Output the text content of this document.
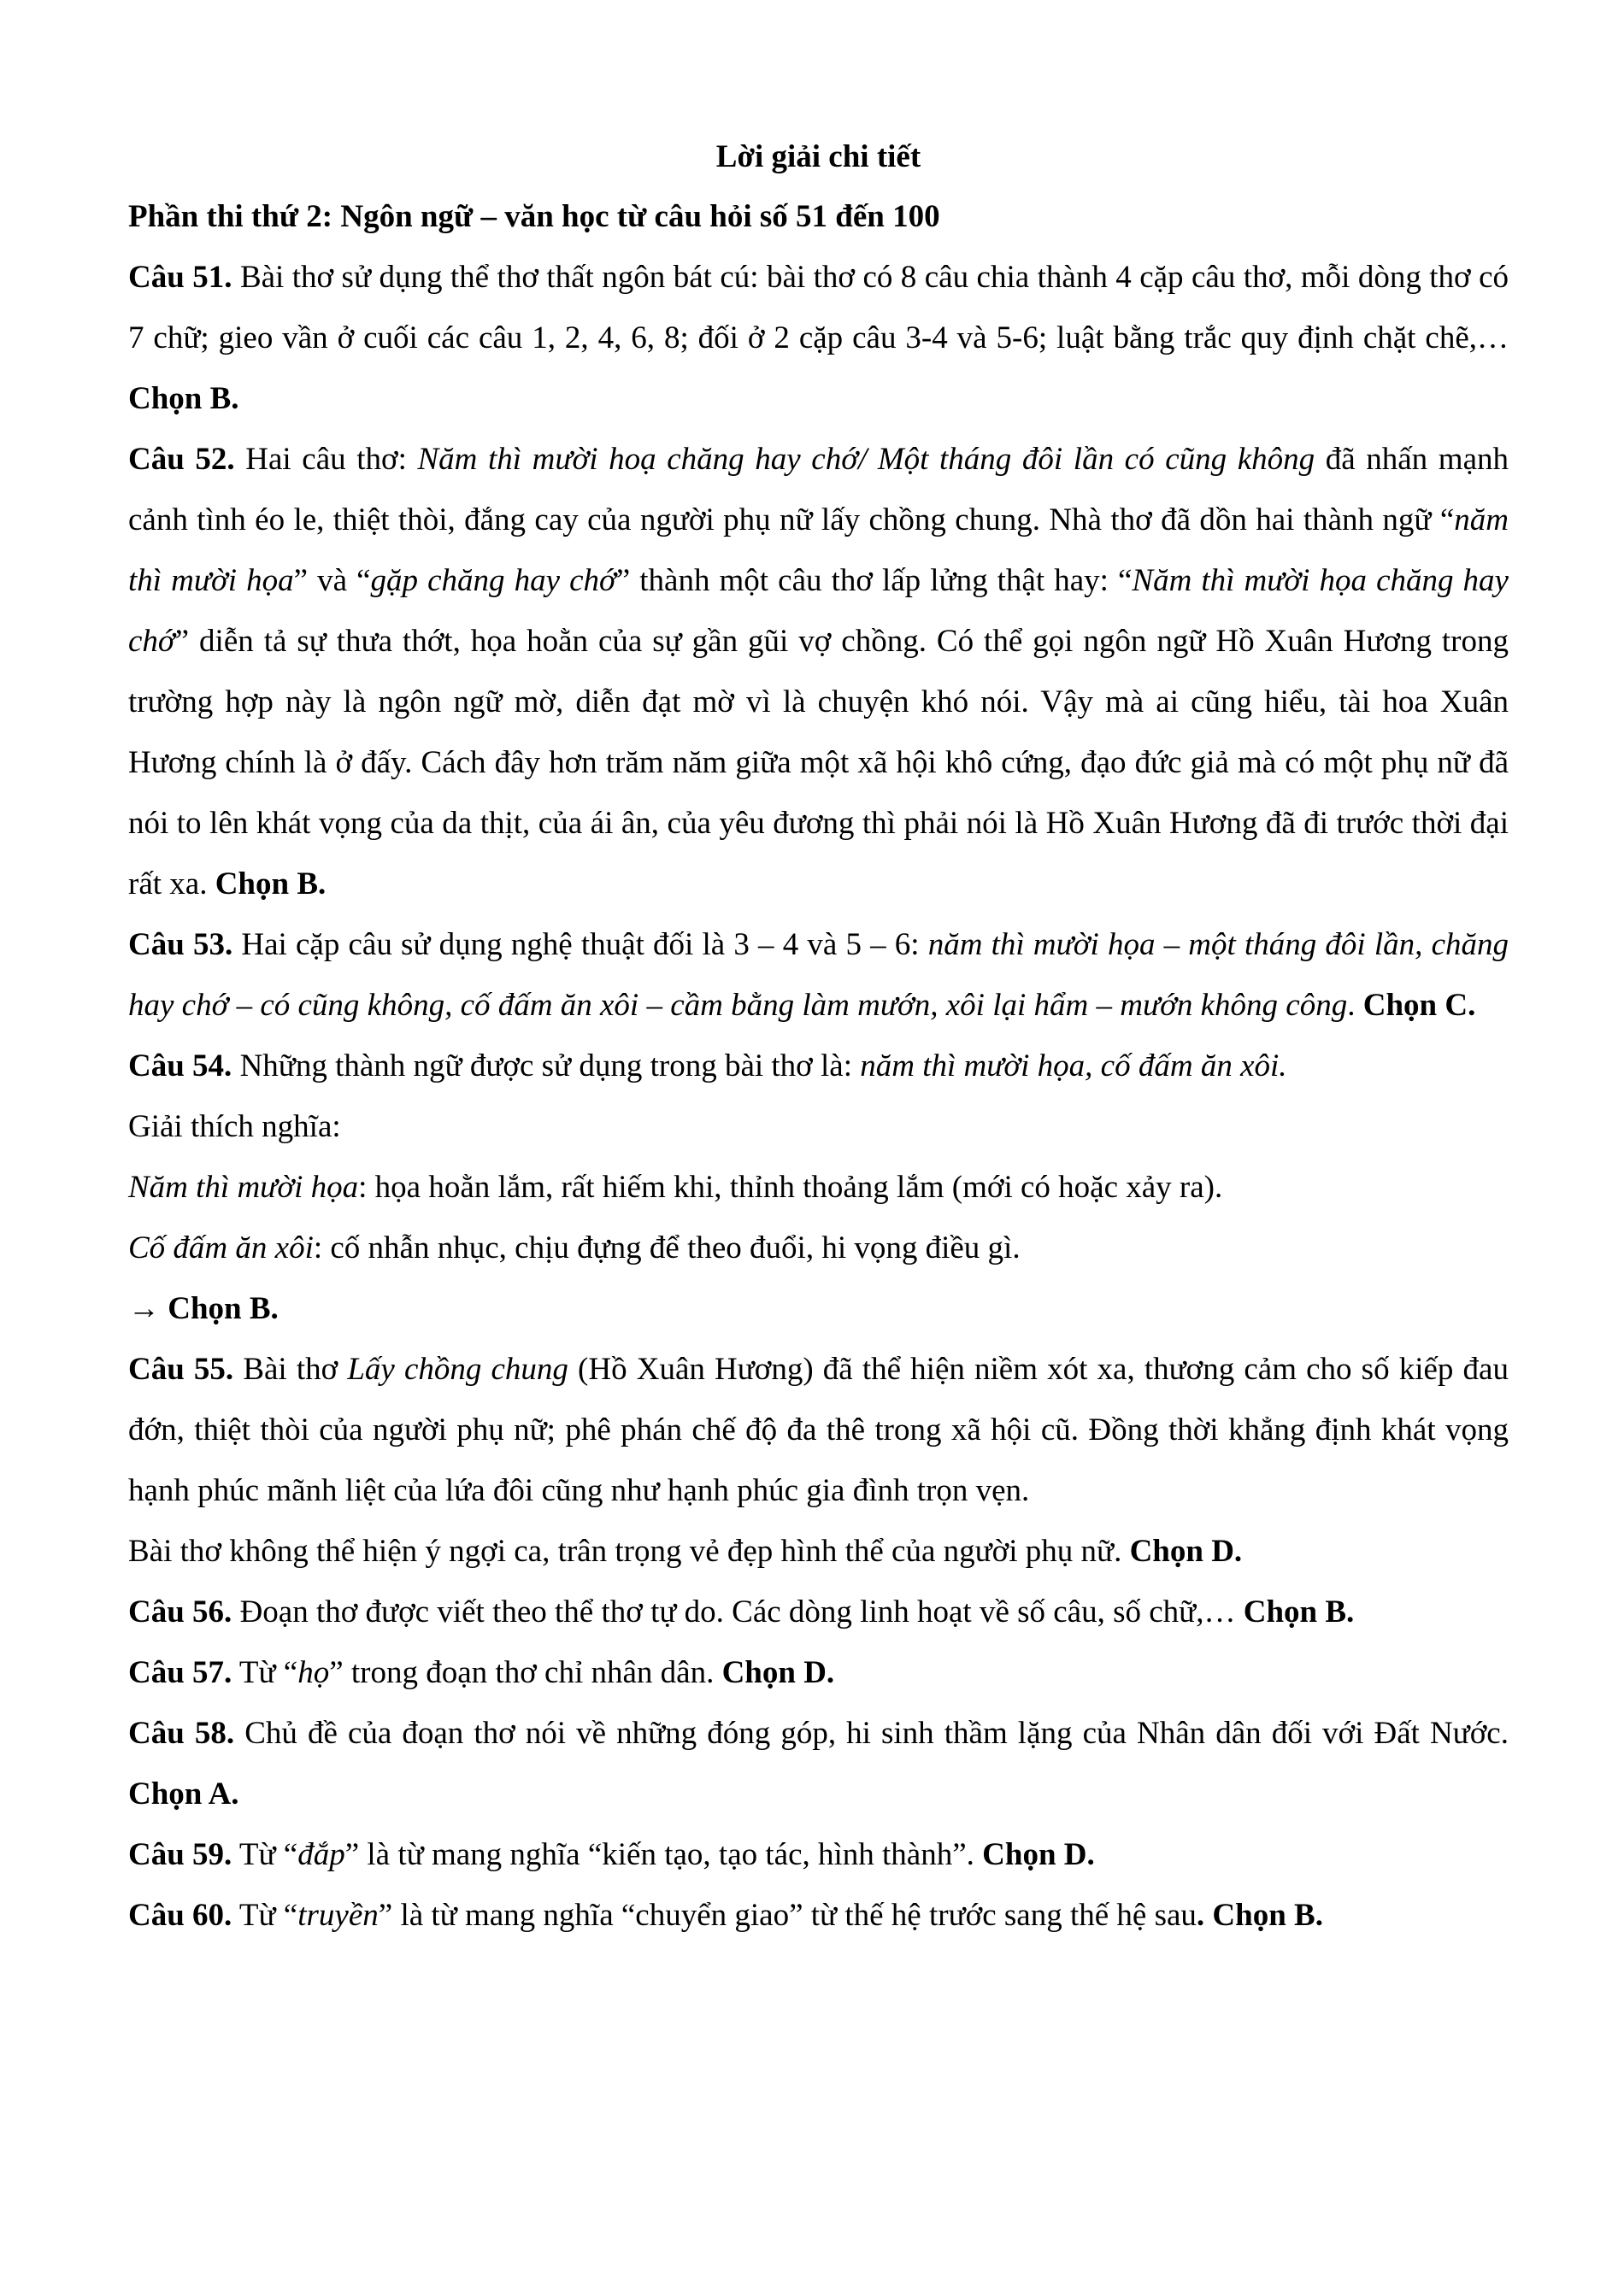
Lời giải chi tiết

Phần thi thứ 2: Ngôn ngữ – văn học từ câu hỏi số 51 đến 100

Câu 51. Bài thơ sử dụng thể thơ thất ngôn bát cú: bài thơ có 8 câu chia thành 4 cặp câu thơ, mỗi dòng thơ có 7 chữ; gieo vần ở cuối các câu 1, 2, 4, 6, 8; đối ở 2 cặp câu 3-4 và 5-6; luật bằng trắc quy định chặt chẽ,… Chọn B.

Câu 52. Hai câu thơ: Năm thì mười hoạ chăng hay chớ/ Một tháng đôi lần có cũng không đã nhấn mạnh cảnh tình éo le, thiệt thòi, đắng cay của người phụ nữ lấy chồng chung. Nhà thơ đã dồn hai thành ngữ “năm thì mười họa” và “gặp chăng hay chớ” thành một câu thơ lấp lửng thật hay: “Năm thì mười họa chăng hay chớ” diễn tả sự thưa thớt, họa hoằn của sự gần gũi vợ chồng. Có thể gọi ngôn ngữ Hồ Xuân Hương trong trường hợp này là ngôn ngữ mờ, diễn đạt mờ vì là chuyện khó nói. Vậy mà ai cũng hiểu, tài hoa Xuân Hương chính là ở đấy. Cách đây hơn trăm năm giữa một xã hội khô cứng, đạo đức giả mà có một phụ nữ đã nói to lên khát vọng của da thịt, của ái ân, của yêu đương thì phải nói là Hồ Xuân Hương đã đi trước thời đại rất xa. Chọn B.

Câu 53. Hai cặp câu sử dụng nghệ thuật đối là 3 – 4 và 5 – 6: năm thì mười họa – một tháng đôi lần, chăng hay chớ – có cũng không, cố đấm ăn xôi – cầm bằng làm mướn, xôi lại hẩm – mướn không công. Chọn C.

Câu 54. Những thành ngữ được sử dụng trong bài thơ là: năm thì mười họa, cố đấm ăn xôi.

Giải thích nghĩa:

Năm thì mười họa: họa hoằn lắm, rất hiếm khi, thỉnh thoảng lắm (mới có hoặc xảy ra).

Cố đấm ăn xôi: cố nhẫn nhục, chịu đựng để theo đuổi, hi vọng điều gì.

→ Chọn B.

Câu 55. Bài thơ Lấy chồng chung (Hồ Xuân Hương) đã thể hiện niềm xót xa, thương cảm cho số kiếp đau đớn, thiệt thòi của người phụ nữ; phê phán chế độ đa thê trong xã hội cũ. Đồng thời khẳng định khát vọng hạnh phúc mãnh liệt của lứa đôi cũng như hạnh phúc gia đình trọn vẹn.

Bài thơ không thể hiện ý ngợi ca, trân trọng vẻ đẹp hình thể của người phụ nữ. Chọn D.

Câu 56. Đoạn thơ được viết theo thể thơ tự do. Các dòng linh hoạt về số câu, số chữ,… Chọn B.

Câu 57. Từ “họ” trong đoạn thơ chỉ nhân dân. Chọn D.

Câu 58. Chủ đề của đoạn thơ nói về những đóng góp, hi sinh thầm lặng của Nhân dân đối với Đất Nước. Chọn A.

Câu 59. Từ “đắp” là từ mang nghĩa “kiến tạo, tạo tác, hình thành”. Chọn D.

Câu 60. Từ “truyền” là từ mang nghĩa “chuyển giao” từ thế hệ trước sang thế hệ sau. Chọn B.
